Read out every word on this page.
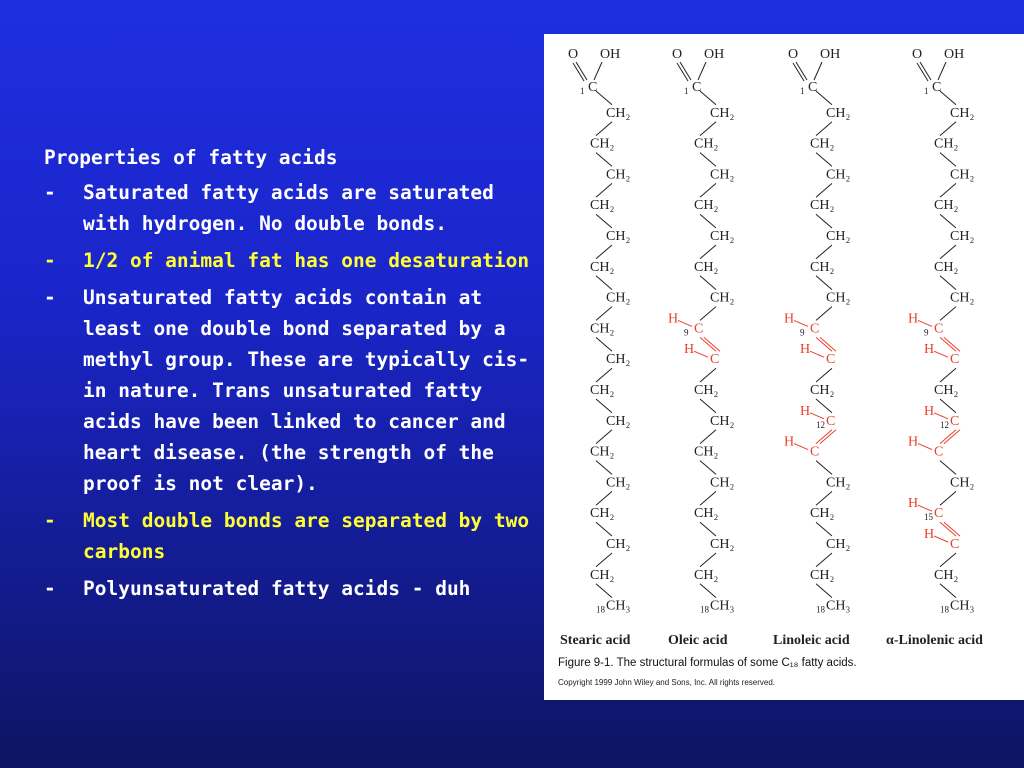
Properties of fatty acids
-	Saturated fatty acids are saturated with hydrogen. No double bonds.
-	1/2 of animal fat has one desaturation
-	Unsaturated fatty acids contain at least one double bond separated by a methyl group. These are typically cis- in nature. Trans unsaturated fatty acids have been linked to cancer and heart disease. (the strength of the proof is not clear).
-	Most double bonds are separated by two carbons
-	Polyunsaturated fatty acids - duh
O OH
1 C
CH₂
CH₂
CH₂
CH₂
CH₂
CH₂
CH₂
CH₂
CH₂
CH₂
CH₂
CH₂
CH₂
CH₂
CH₂
CH₂
18 CH₃
O OH
1 C
CH₂
CH₂
CH₂
CH₂
CH₂
CH₂
CH₂
9 C
H
C
H
CH₂
CH₂
CH₂
CH₂
CH₂
CH₂
CH₂
18 CH₃
O OH
1 C
CH₂
CH₂
CH₂
CH₂
CH₂
CH₂
CH₂
9 C
H
C
H
CH₂
12 C
H
C
H
CH₂
CH₂
CH₂
CH₂
18 CH₃
O OH
1 C
CH₂
CH₂
CH₂
CH₂
CH₂
CH₂
CH₂
9 C
H
C
H
CH₂
12 C
H
C
H
CH₂
15 C
H
C
H
CH₂
18 CH₃
Stearic acid	Oleic acid	Linoleic acid	α-Linolenic acid
Figure 9-1. The structural formulas of some C₁₈ fatty acids.
Copyright 1999 John Wiley and Sons, Inc. All rights reserved.
